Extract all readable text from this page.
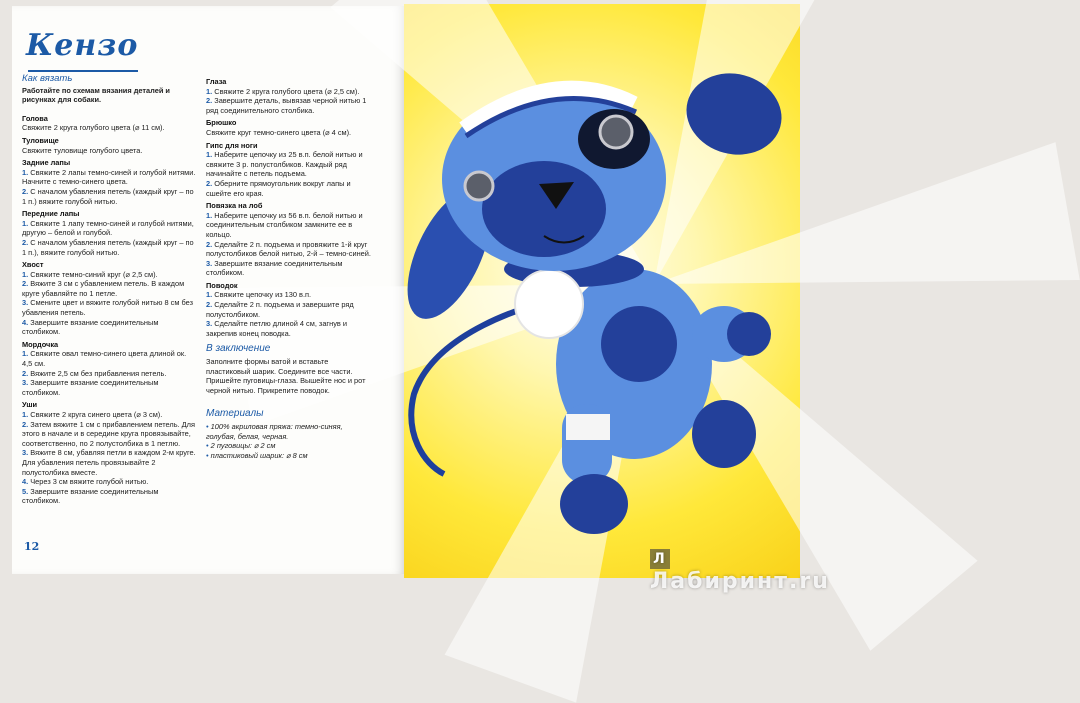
Кензо
Как вязать
Работайте по схемам вязания деталей и рисунках для собаки.
Голова
Свяжите 2 круга голубого цвета (⌀ 11 см).
Туловище
Свяжите туловище голубого цвета.
Задние лапы
1. Свяжите 2 лапы темно-синей и голубой нитями. Начните с темно-синего цвета.
2. С началом убавления петель (каждый круг – по 1 п.) вяжите голубой нитью.
Передние лапы
1. Свяжите 1 лапу темно-синей и голубой нитями, другую – белой и голубой.
2. С началом убавления петель (каждый круг – по 1 п.), вяжите голубой нитью.
Хвост
1. Свяжите темно-синий круг (⌀ 2,5 см).
2. Вяжите 3 см с убавлением петель. В каждом круге убавляйте по 1 петле.
3. Смените цвет и вяжите голубой нитью 8 см без убавления петель.
4. Завершите вязание соединительным столбиком.
Мордочка
1. Свяжите овал темно-синего цвета длиной ок. 4,5 см.
2. Вяжите 2,5 см без прибавления петель.
3. Завершите вязание соединительным столбиком.
Уши
1. Свяжите 2 круга синего цвета (⌀ 3 см).
2. Затем вяжите 1 см с прибавлением петель. Для этого в начале и в середине круга провязывайте, соответственно, по 2 полустолбика в 1 петлю.
3. Вяжите 8 см, убавляя петли в каждом 2-м круге. Для убавления петель провязывайте 2 полустолбика вместе.
4. Через 3 см вяжите голубой нитью.
5. Завершите вязание соединительным столбиком.
Глаза
1. Свяжите 2 круга голубого цвета (⌀ 2,5 см).
2. Завершите деталь, вывязав черной нитью 1 ряд соединительного столбика.
Брюшко
Свяжите круг темно-синего цвета (⌀ 4 см).
Гипс для ноги
1. Наберите цепочку из 25 в.п. белой нитью и свяжите 3 р. полустолбиков. Каждый ряд начинайте с петель подъема.
2. Оберните прямоугольник вокруг лапы и сшейте его края.
Повязка на лоб
1. Наберите цепочку из 56 в.п. белой нитью и соединительным столбиком замкните ее в кольцо.
2. Сделайте 2 п. подъема и провяжите 1-й круг полустолбиков белой нитью, 2-й – темно-синей.
3. Завершите вязание соединительным столбиком.
Поводок
1. Свяжите цепочку из 130 в.п.
2. Сделайте 2 п. подъема и завершите ряд полустолбиком.
3. Сделайте петлю длиной 4 см, загнув и закрепив конец поводка.
В заключение

Заполните формы ватой и вставьте пластиковый шарик. Соедините все части. Пришейте пуговицы-глаза. Вышейте нос и рот черной нитью. Прикрепите поводок.

Материалы
• 100% акриловая пряжа: темно-синяя, голубая, белая, черная.
• 2 пуговицы: ⌀ 2 см
• пластиковый шарик: ⌀ 8 см
12
ЛЛабиринт.ru
